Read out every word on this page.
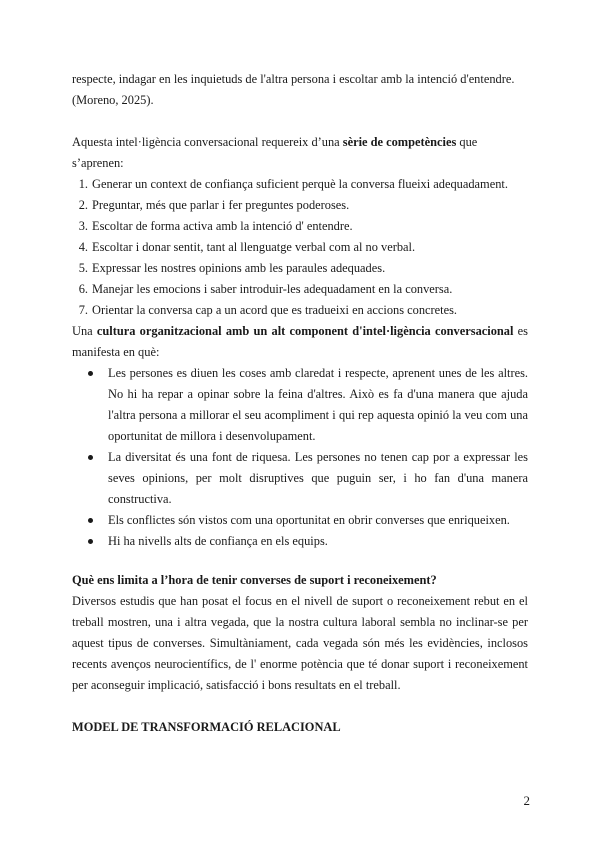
respecte, indagar en les inquietuds de l'altra persona i escoltar amb la intenció d'entendre.

(Moreno, 2025).

Aquesta intel·ligència conversacional requereix d’una sèrie de competències que s’aprenen:

1. Generar un context de confiança suficient perquè la conversa flueixi adequadament.
2. Preguntar, més que parlar i fer preguntes poderoses.
3. Escoltar de forma activa amb la intenció d' entendre.
4. Escoltar i donar sentit, tant al llenguatge verbal com al no verbal.
5. Expressar les nostres opinions amb les paraules adequades.
6. Manejar les emocions i saber introduir-les adequadament en la conversa.
7. Orientar la conversa cap a un acord que es tradueixi en accions concretes.

Una cultura organitzacional amb un alt component d'intel·ligència conversacional es manifesta en què:

Les persones es diuen les coses amb claredat i respecte, aprenent unes de les altres. No hi ha repar a opinar sobre la feina d'altres. Això es fa d'una manera que ajuda l'altra persona a millorar el seu acompliment i qui rep aquesta opinió la veu com una oportunitat de millora i desenvolupament.
La diversitat és una font de riquesa. Les persones no tenen cap por a expressar les seves opinions, per molt disruptives que puguin ser, i ho fan d'una manera constructiva.
Els conflictes són vistos com una oportunitat en obrir converses que enriqueixen.
Hi ha nivells alts de confiança en els equips.

Què ens limita a l’hora de tenir converses de suport i reconeixement?

Diversos estudis que han posat el focus en el nivell de suport o reconeixement rebut en el treball mostren, una i altra vegada, que la nostra cultura laboral sembla no inclinar-se per aquest tipus de converses. Simultàniament, cada vegada són més les evidències, inclosos recents avenços neurocientífics, de l' enorme potència que té donar suport i reconeixement per aconseguir implicació, satisfacció i bons resultats en el treball.

MODEL DE TRANSFORMACIÓ RELACIONAL

2
